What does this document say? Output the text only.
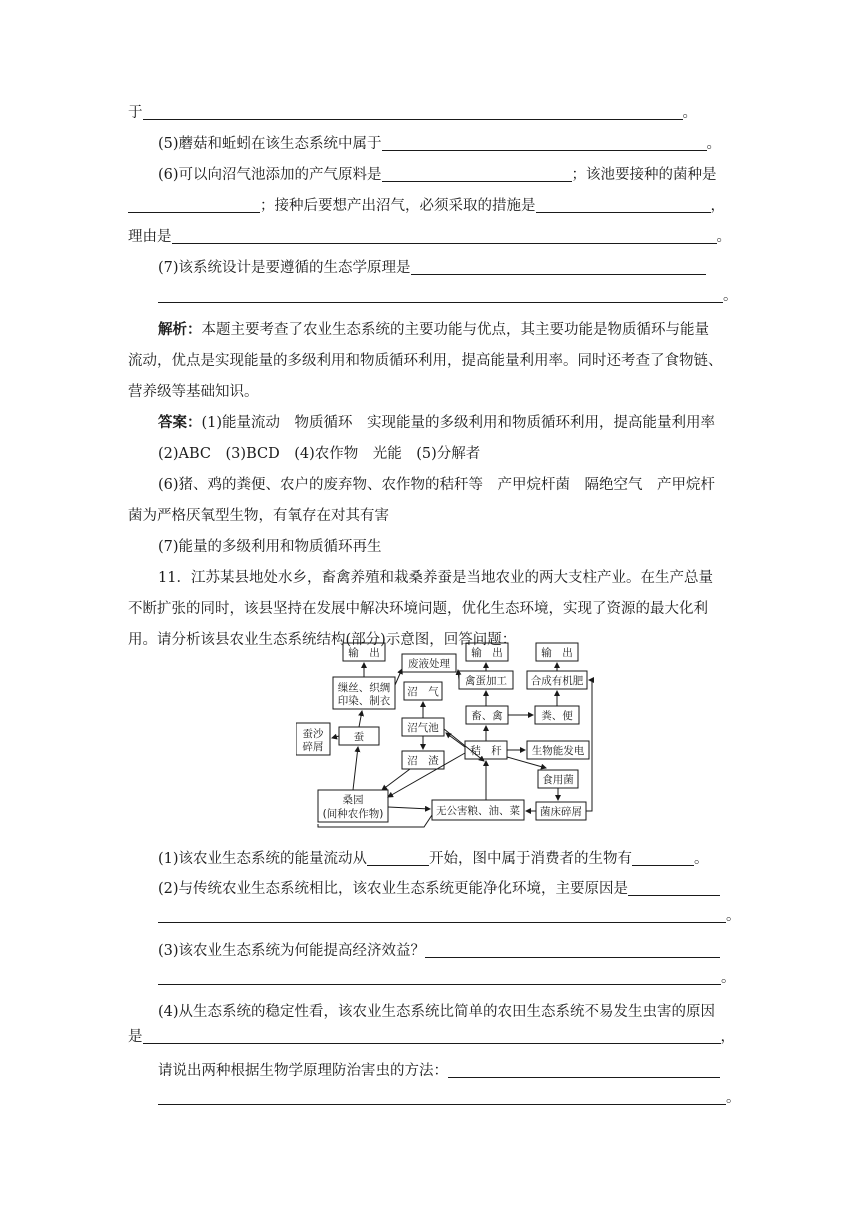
于	。
(5)蘑菇和蚯蚓在该生态系统中属于	。
(6)可以向沼气池添加的产气原料是	；该池要接种的菌种是
；接种后要想产出沼气，必须采取的措施是	，
理由是	。
(7)该系统设计是要遵循的生态学原理是
。
解析：本题主要考查了农业生态系统的主要功能与优点，其主要功能是物质循环与能量
流动，优点是实现能量的多级利用和物质循环利用，提高能量利用率。同时还考查了食物链、
营养级等基础知识。
答案：(1)能量流动　物质循环　实现能量的多级利用和物质循环利用，提高能量利用率
(2)ABC　(3)BCD　(4)农作物　光能　(5)分解者
(6)猪、鸡的粪便、农户的废弃物、农作物的秸秆等　产甲烷杆菌　隔绝空气　产甲烷杆
菌为严格厌氧型生物，有氧存在对其有害
(7)能量的多级利用和物质循环再生
11．江苏某县地处水乡，畜禽养殖和栽桑养蚕是当地农业的两大支柱产业。在生产总量
不断扩张的同时，该县坚持在发展中解决环境问题，优化生态环境，实现了资源的最大化利
用。请分析该县农业生态系统结构(部分)示意图，回答问题：
输　出
废液处理
缫丝、织绸
印染、制衣
沼　气
沼气池
蚕沙
碎屑
蚕
沼　渣
桑园
(间种农作物)
输　出
禽蛋加工
畜、禽
秸　秆
无公害粮、油、菜
输　出
合成有机肥
粪、便
生物能发电
食用菌
菌床碎屑
(1)该农业生态系统的能量流动从	开始，图中属于消费者的生物有	。
(2)与传统农业生态系统相比，该农业生态系统更能净化环境，主要原因是
。
(3)该农业生态系统为何能提高经济效益？
。
(4)从生态系统的稳定性看，该农业生态系统比简单的农田生态系统不易发生虫害的原因
是	，
请说出两种根据生物学原理防治害虫的方法：
。
